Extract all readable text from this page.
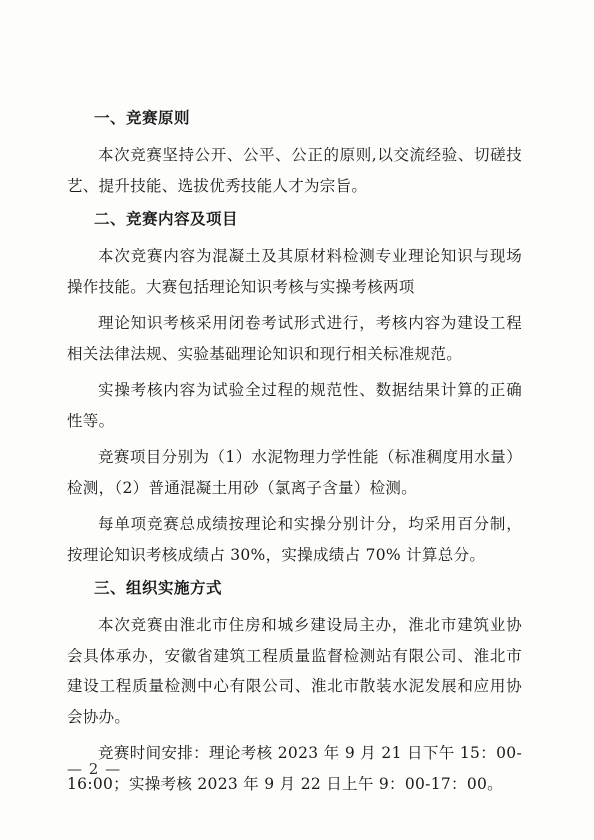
一、竞赛原则

本次竞赛坚持公开、公平、公正的原则,以交流经验、切磋技艺、提升技能、选拔优秀技能人才为宗旨。

二、竞赛内容及项目

本次竞赛内容为混凝土及其原材料检测专业理论知识与现场操作技能。大赛包括理论知识考核与实操考核两项

理论知识考核采用闭卷考试形式进行，考核内容为建设工程相关法律法规、实验基础理论知识和现行相关标准规范。

实操考核内容为试验全过程的规范性、数据结果计算的正确性等。

竞赛项目分别为（1）水泥物理力学性能（标准稠度用水量）检测，（2）普通混凝土用砂（氯离子含量）检测。

每单项竞赛总成绩按理论和实操分别计分，均采用百分制，按理论知识考核成绩占 30%，实操成绩占 70% 计算总分。

三、组织实施方式

本次竞赛由淮北市住房和城乡建设局主办，淮北市建筑业协会具体承办，安徽省建筑工程质量监督检测站有限公司、淮北市建设工程质量检测中心有限公司、淮北市散装水泥发展和应用协会协办。

竞赛时间安排：理论考核 2023 年 9 月 21 日下午 15：00-16:00；实操考核 2023 年 9 月 22 日上午 9：00-17：00。

— 2 —
